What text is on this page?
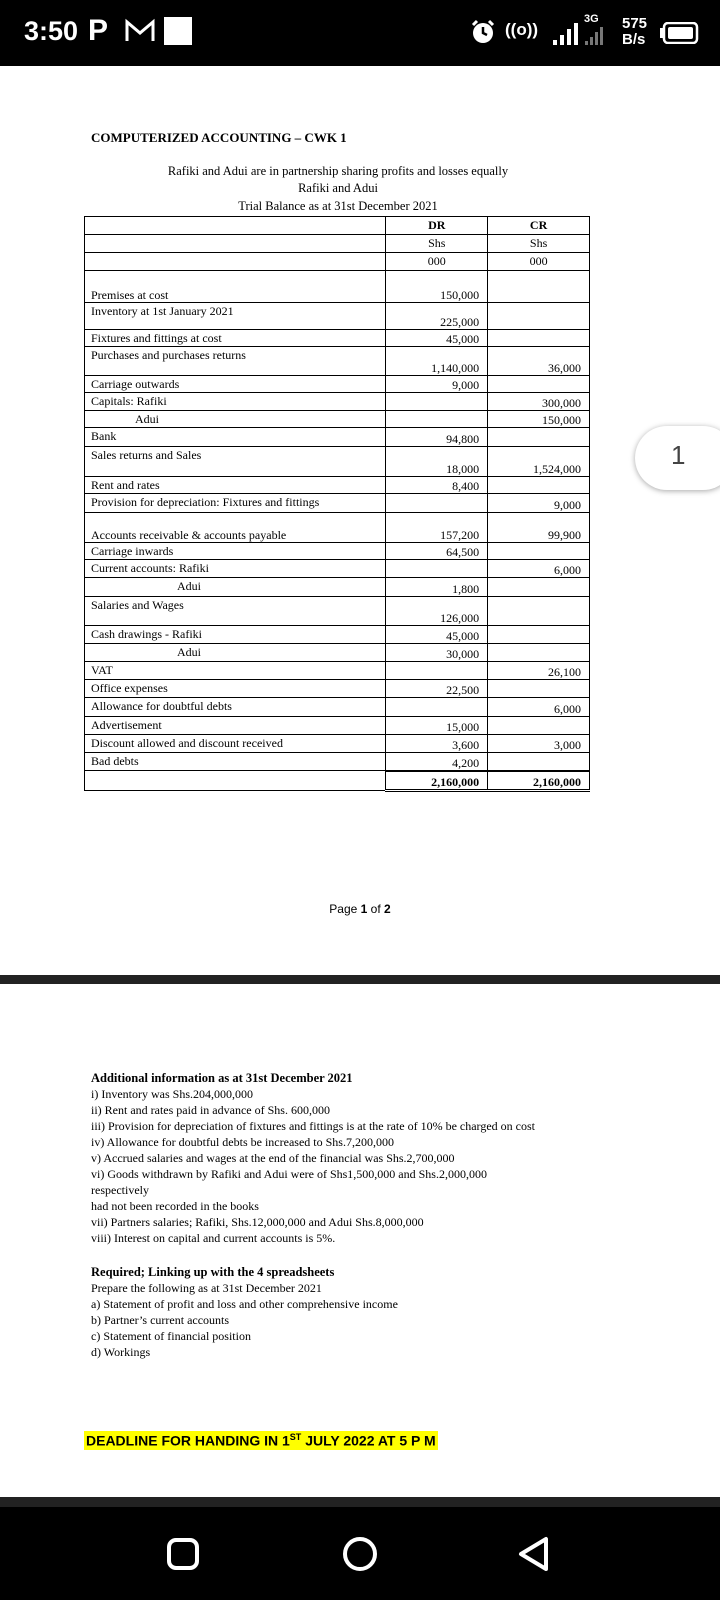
3:50 P	((o))
3G 575
B/s
COMPUTERIZED ACCOUNTING – CWK 1
Rafiki and Adui are in partnership sharing profits and losses equally
Rafiki and Adui
Trial Balance as at 31st December 2021
	DR	CR
	Shs	Shs
	000	000
Premises at cost	150,000	
Inventory at 1st January 2021	225,000	
Fixtures and fittings at cost	45,000	
Purchases and purchases returns	1,140,000	36,000
Carriage outwards	9,000	
Capitals: Rafiki		300,000
Adui		150,000
Bank	94,800	
Sales returns and Sales	18,000	1,524,000
Rent and rates	8,400	
Provision for depreciation: Fixtures and fittings		9,000
Accounts receivable & accounts payable	157,200	99,900
Carriage inwards	64,500	
Current accounts: Rafiki		6,000
Adui	1,800	
Salaries and Wages	126,000	
Cash drawings - Rafiki	45,000	
Adui	30,000	
VAT		26,100
Office expenses	22,500	
Allowance for doubtful debts		6,000
Advertisement	15,000	
Discount allowed and discount received	3,600	3,000
Bad debts	4,200	
	2,160,000	2,160,000
Page 1 of 2
1
Additional information as at 31st December 2021
i) Inventory was Shs.204,000,000
ii) Rent and rates paid in advance of Shs. 600,000
iii) Provision for depreciation of fixtures and fittings is at the rate of 10% be charged on cost
iv) Allowance for doubtful debts be increased to Shs.7,200,000
v) Accrued salaries and wages at the end of the financial was Shs.2,700,000
vi) Goods withdrawn by Rafiki and Adui were of Shs1,500,000 and Shs.2,000,000 respectively
had not been recorded in the books
vii) Partners salaries; Rafiki, Shs.12,000,000 and Adui Shs.8,000,000
viii) Interest on capital and current accounts is 5%.
Required; Linking up with the 4 spreadsheets
Prepare the following as at 31st December 2021
a) Statement of profit and loss and other comprehensive income
b) Partner’s current accounts
c) Statement of financial position
d) Workings
DEADLINE FOR HANDING IN 1ST JULY 2022 AT 5 P M
